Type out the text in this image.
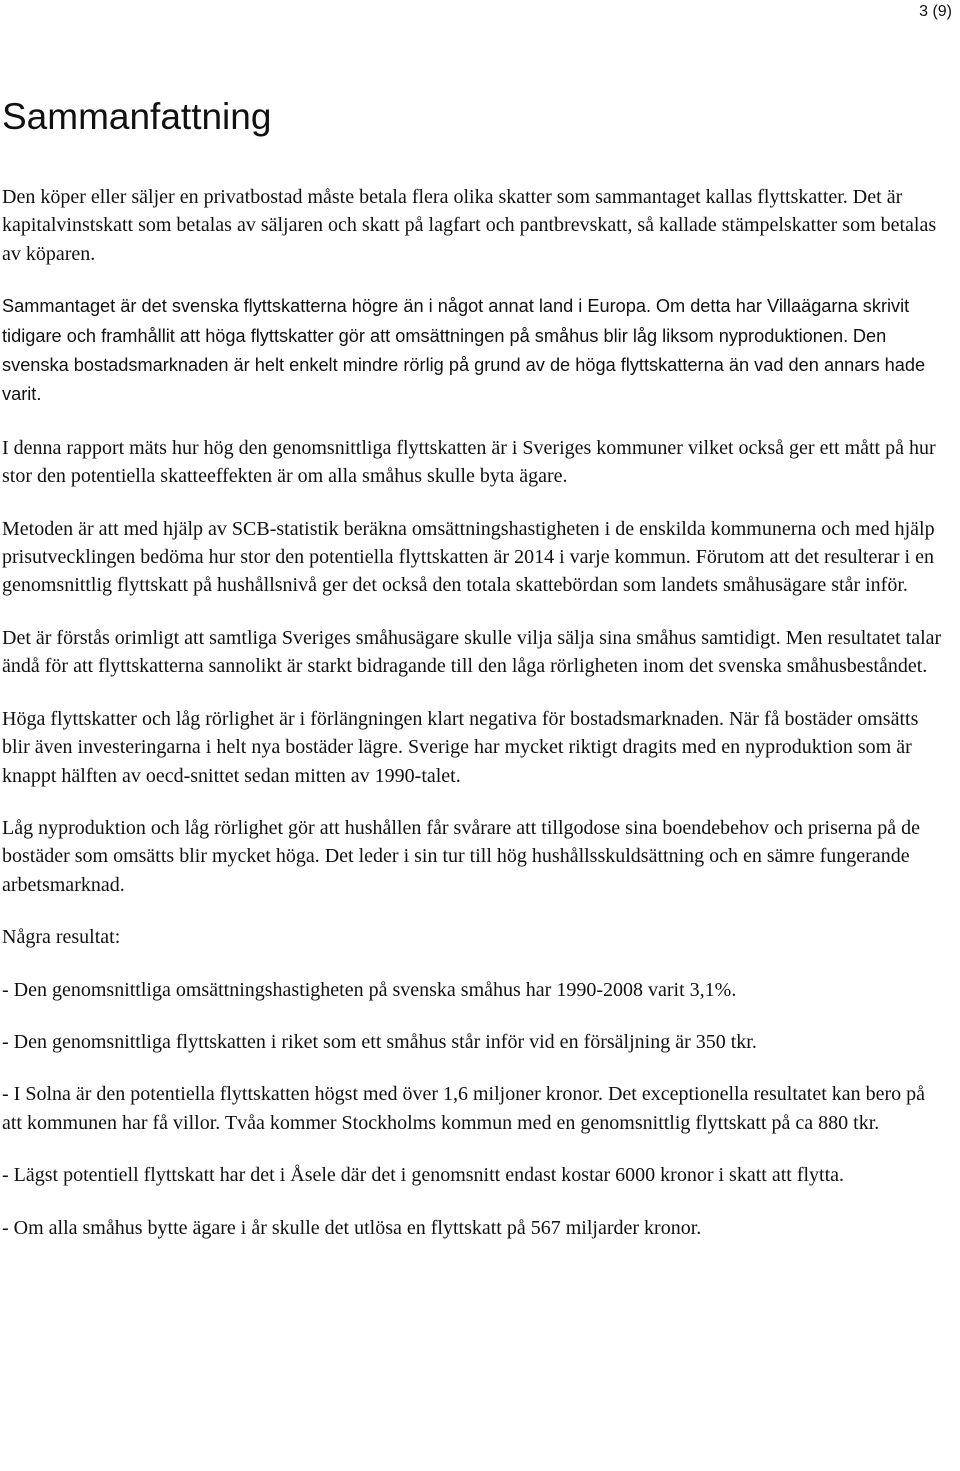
3 (9)
Sammanfattning

Den köper eller säljer en privatbostad måste betala flera olika skatter som sammantaget kallas flyttskatter. Det är kapitalvinstskatt som betalas av säljaren och skatt på lagfart och pantbrevskatt, så kallade stämpelskatter som betalas av köparen.

Sammantaget är det svenska flyttskatterna högre än i något annat land i Europa. Om detta har Villaägarna skrivit tidigare och framhållit att höga flyttskatter gör att omsättningen på småhus blir låg liksom nyproduktionen. Den svenska bostadsmarknaden är helt enkelt mindre rörlig på grund av de höga flyttskatterna än vad den annars hade varit.

I denna rapport mäts hur hög den genomsnittliga flyttskatten är i Sveriges kommuner vilket också ger ett mått på hur stor den potentiella skatteeffekten är om alla småhus skulle byta ägare.

Metoden är att med hjälp av SCB-statistik beräkna omsättningshastigheten i de enskilda kommunerna och med hjälp prisutvecklingen bedöma hur stor den potentiella flyttskatten är 2014 i varje kommun. Förutom att det resulterar i en genomsnittlig flyttskatt på hushållsnivå ger det också den totala skattebördan som landets småhusägare står inför.

Det är förstås orimligt att samtliga Sveriges småhusägare skulle vilja sälja sina småhus samtidigt. Men resultatet talar ändå för att flyttskatterna sannolikt är starkt bidragande till den låga rörligheten inom det svenska småhusbeståndet.

Höga flyttskatter och låg rörlighet är i förlängningen klart negativa för bostadsmarknaden. När få bostäder omsätts blir även investeringarna i helt nya bostäder lägre. Sverige har mycket riktigt dragits med en nyproduktion som är knappt hälften av oecd-snittet sedan mitten av 1990-talet.

Låg nyproduktion och låg rörlighet gör att hushållen får svårare att tillgodose sina boendebehov och priserna på de bostäder som omsätts blir mycket höga. Det leder i sin tur till hög hushållsskuldsättning och en sämre fungerande arbetsmarknad.

Några resultat:

- Den genomsnittliga omsättningshastigheten på svenska småhus har 1990-2008 varit 3,1%.

- Den genomsnittliga flyttskatten i riket som ett småhus står inför vid en försäljning är 350 tkr.

- I Solna är den potentiella flyttskatten högst med över 1,6 miljoner kronor. Det exceptionella resultatet kan bero på att kommunen har få villor. Tvåa kommer Stockholms kommun med en genomsnittlig flyttskatt på ca 880 tkr.

- Lägst potentiell flyttskatt har det i Åsele där det i genomsnitt endast kostar 6000 kronor i skatt att flytta.

- Om alla småhus bytte ägare i år skulle det utlösa en flyttskatt på 567 miljarder kronor.
